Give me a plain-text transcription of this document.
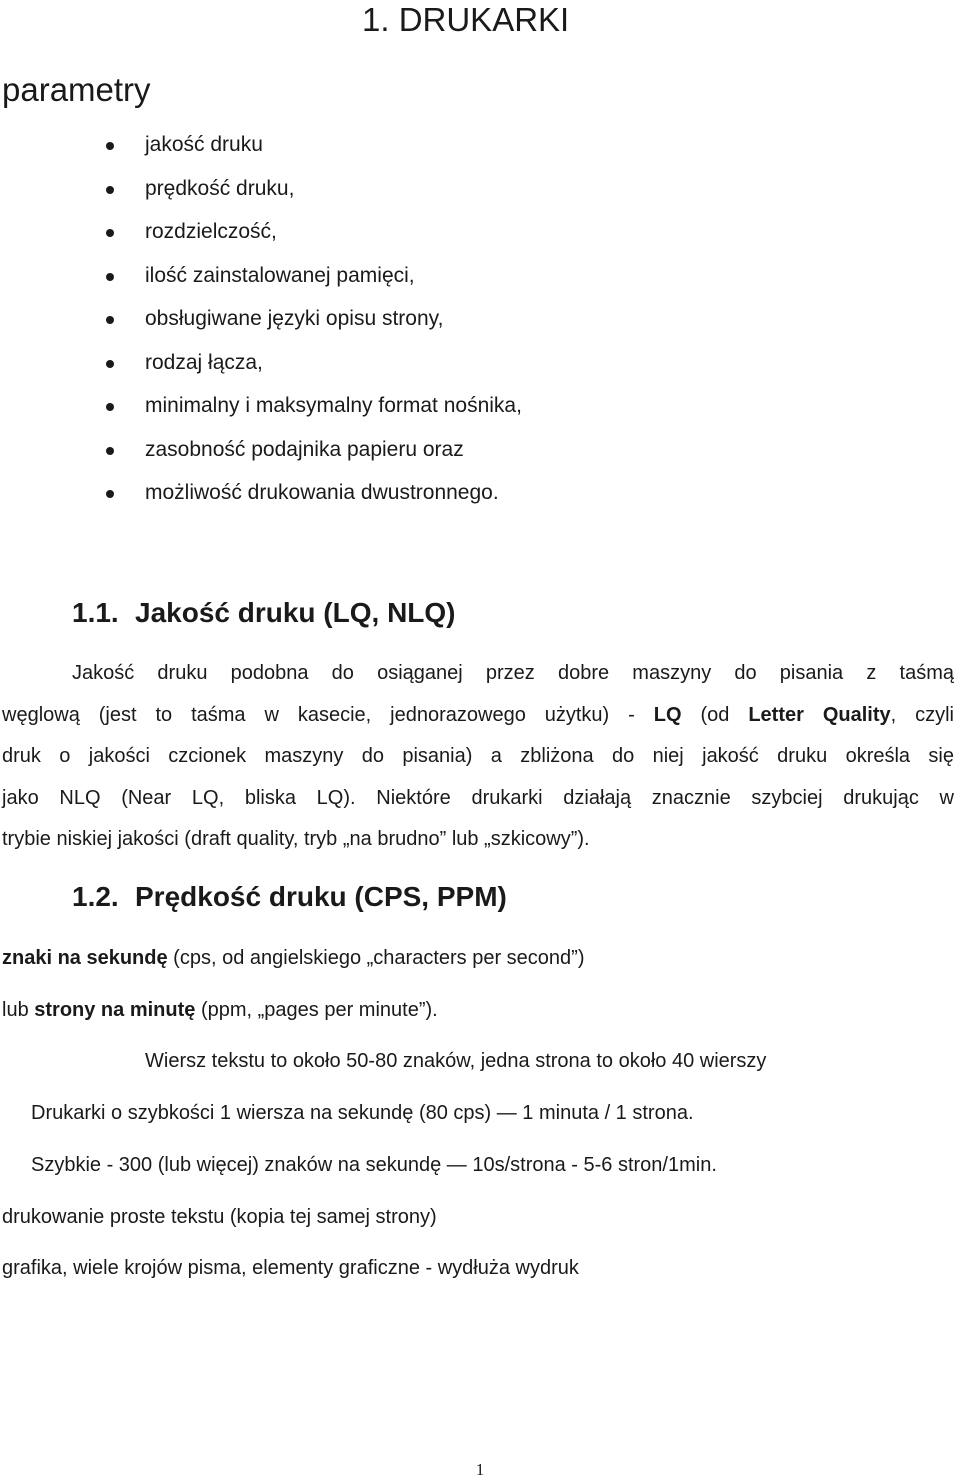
1. DRUKARKI
parametry
jakość druku
prędkość druku,
rozdzielczość,
ilość zainstalowanej pamięci,
obsługiwane języki opisu strony,
rodzaj łącza,
minimalny i maksymalny format nośnika,
zasobność podajnika papieru oraz
możliwość drukowania dwustronnego.
1.1. Jakość druku (LQ, NLQ)
Jakość druku podobna do osiąganej przez dobre maszyny do pisania z taśmą
węglową (jest to taśma w kasecie, jednorazowego użytku) - LQ (od Letter Quality, czyli
druk o jakości czcionek maszyny do pisania) a zbliżona do niej jakość druku określa się
jako NLQ (Near LQ, bliska LQ). Niektóre drukarki działają znacznie szybciej drukując w
trybie niskiej jakości (draft quality, tryb „na brudno” lub „szkicowy”).
1.2. Prędkość druku (CPS, PPM)
znaki na sekundę (cps, od angielskiego „characters per second”)
lub strony na minutę (ppm, „pages per minute”).
Wiersz tekstu to około 50-80 znaków, jedna strona to około 40 wierszy
Drukarki o szybkości 1 wiersza na sekundę (80 cps) — 1 minuta / 1 strona.
Szybkie - 300 (lub więcej) znaków na sekundę — 10s/strona - 5-6 stron/1min.
drukowanie proste tekstu (kopia tej samej strony)
grafika, wiele krojów pisma, elementy graficzne - wydłuża wydruk
1
